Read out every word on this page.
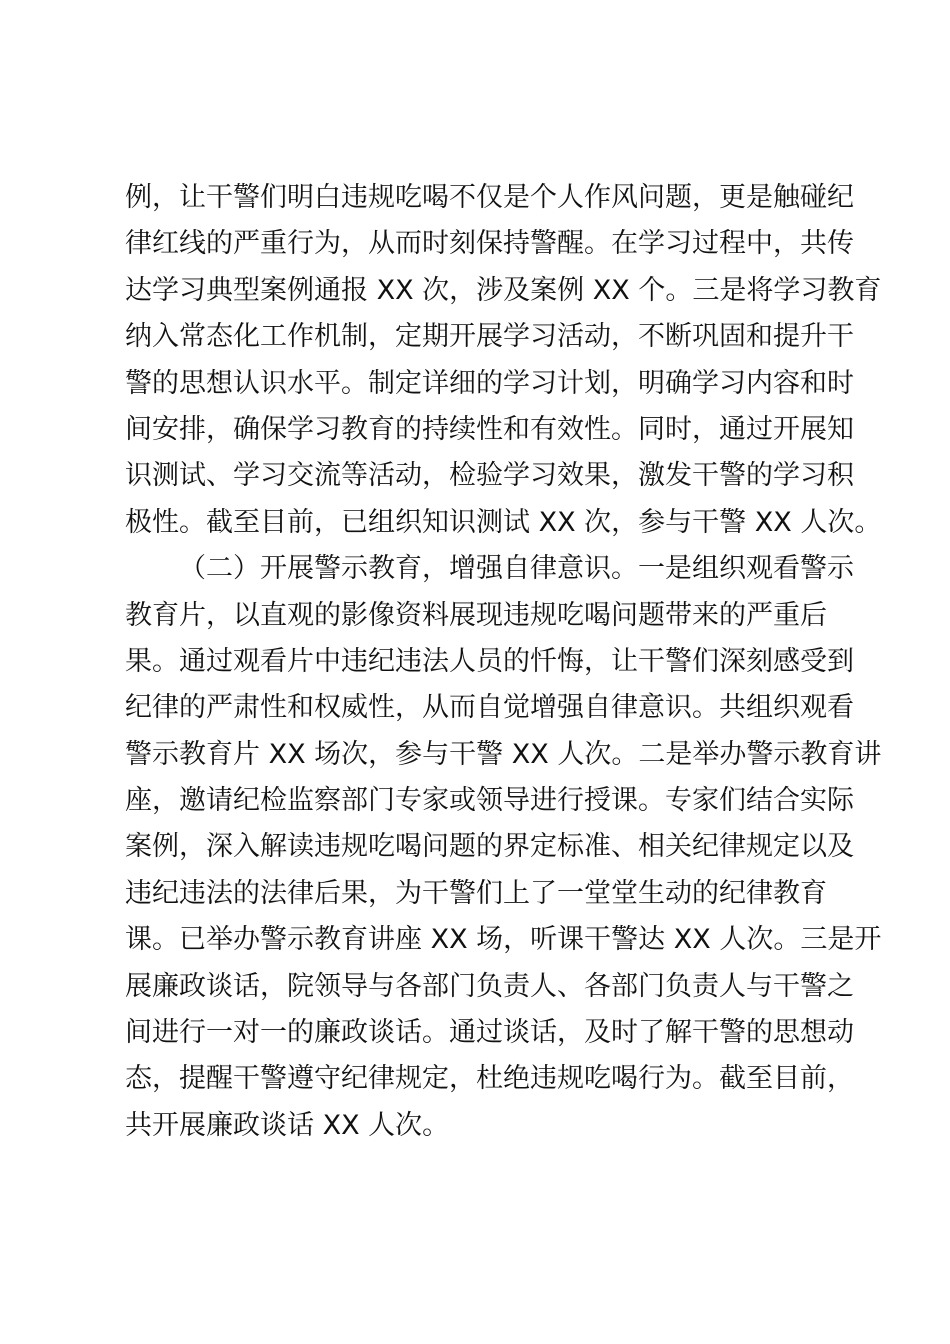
例，让干警们明白违规吃喝不仅是个人作风问题，更是触碰纪
律红线的严重行为，从而时刻保持警醒。在学习过程中，共传
达学习典型案例通报 XX 次，涉及案例 XX 个。三是将学习教育
纳入常态化工作机制，定期开展学习活动，不断巩固和提升干
警的思想认识水平。制定详细的学习计划，明确学习内容和时
间安排，确保学习教育的持续性和有效性。同时，通过开展知
识测试、学习交流等活动，检验学习效果，激发干警的学习积
极性。截至目前，已组织知识测试 XX 次，参与干警 XX 人次。
（二）开展警示教育，增强自律意识。一是组织观看警示
教育片，以直观的影像资料展现违规吃喝问题带来的严重后
果。通过观看片中违纪违法人员的忏悔，让干警们深刻感受到
纪律的严肃性和权威性，从而自觉增强自律意识。共组织观看
警示教育片 XX 场次，参与干警 XX 人次。二是举办警示教育讲
座，邀请纪检监察部门专家或领导进行授课。专家们结合实际
案例，深入解读违规吃喝问题的界定标准、相关纪律规定以及
违纪违法的法律后果，为干警们上了一堂堂生动的纪律教育
课。已举办警示教育讲座 XX 场，听课干警达 XX 人次。三是开
展廉政谈话，院领导与各部门负责人、各部门负责人与干警之
间进行一对一的廉政谈话。通过谈话，及时了解干警的思想动
态，提醒干警遵守纪律规定，杜绝违规吃喝行为。截至目前，
共开展廉政谈话 XX 人次。
